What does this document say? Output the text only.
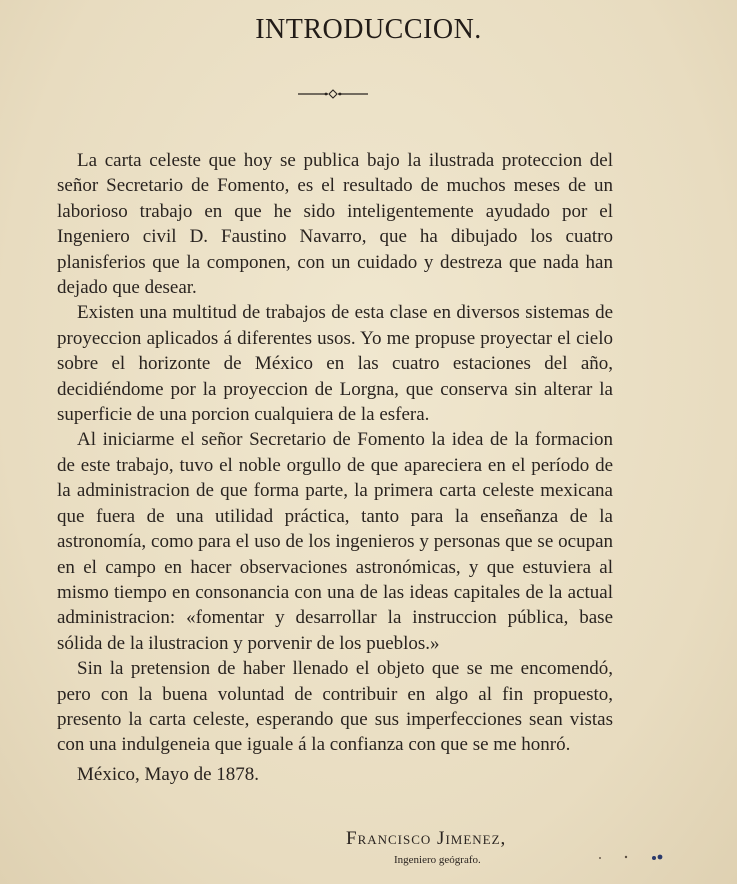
INTRODUCCION.

La carta celeste que hoy se publica bajo la ilustrada proteccion del señor Secretario de Fomento, es el resultado de muchos meses de un laborioso trabajo en que he sido inteligentemente ayudado por el Ingeniero civil D. Faustino Navarro, que ha dibujado los cuatro planisferios que la componen, con un cuidado y destreza que nada han dejado que desear.

Existen una multitud de trabajos de esta clase en diversos sistemas de proyeccion aplicados á diferentes usos. Yo me propuse proyectar el cielo sobre el horizonte de México en las cuatro estaciones del año, decidiéndome por la proyeccion de Lorgna, que conserva sin alterar la superficie de una porcion cualquiera de la esfera.

Al iniciarme el señor Secretario de Fomento la idea de la formacion de este trabajo, tuvo el noble orgullo de que apareciera en el período de la administracion de que forma parte, la primera carta celeste mexicana que fuera de una utilidad práctica, tanto para la enseñanza de la astronomía, como para el uso de los ingenieros y personas que se ocupan en el campo en hacer observaciones astronómicas, y que estuviera al mismo tiempo en consonancia con una de las ideas capitales de la actual administracion: «fomentar y desarrollar la instruccion pública, base sólida de la ilustracion y porvenir de los pueblos.»

Sin la pretension de haber llenado el objeto que se me encomendó, pero con la buena voluntad de contribuir en algo al fin propuesto, presento la carta celeste, esperando que sus imperfecciones sean vistas con una indulgeneia que iguale á la confianza con que se me honró.

México, Mayo de 1878.
Francisco Jimenez,
Ingeniero geógrafo.
